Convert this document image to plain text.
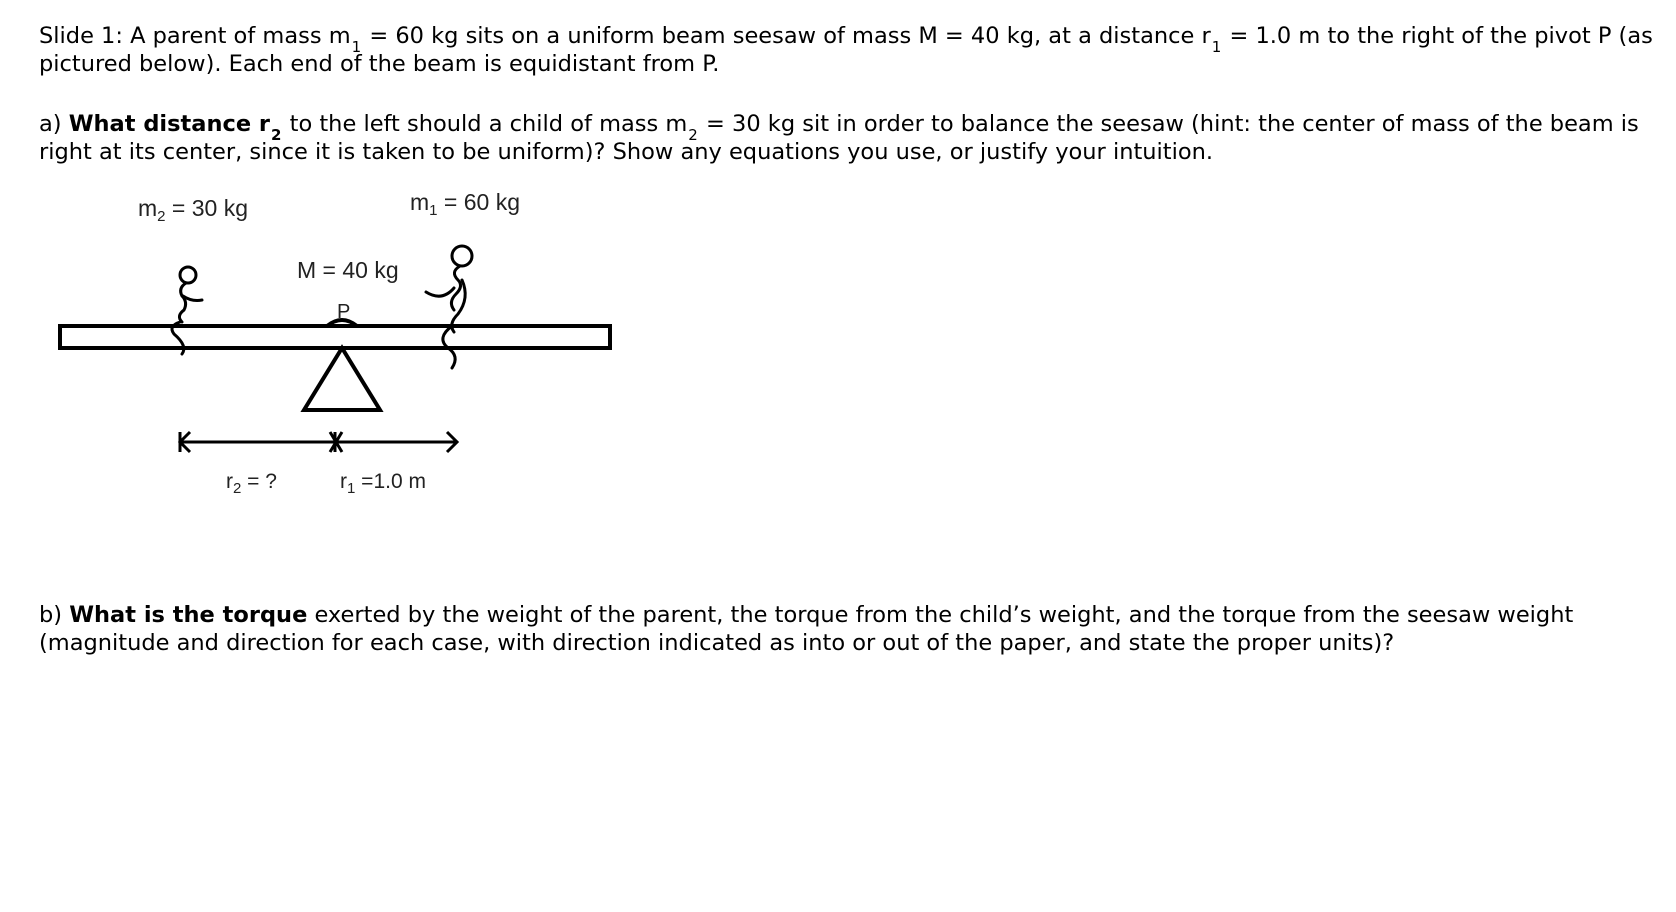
Slide 1: A parent of mass $m_1 = 60$ kg sits on a uniform beam seesaw of mass M = 40 kg, at a distance $r_1 = 1.0$ m to the right of the pivot P (as pictured below). Each end of the beam is equidistant from P.

a) What distance $r_2$ to the left should a child of mass $m_2 = 30$ kg sit in order to balance the seesaw (hint: the center of mass of the beam is right at its center, since it is taken to be uniform)? Show any equations you use, or justify your intuition.

$m_2 = 30$ kg	$m_1 = 60$ kg
M = 40 kg
P
$r_2$ = ?	$r_1 =1.0$ m

b) What is the torque exerted by the weight of the parent, the torque from the child’s weight, and the torque from the seesaw weight (magnitude and direction for each case, with direction indicated as into or out of the paper, and state the proper units)?
